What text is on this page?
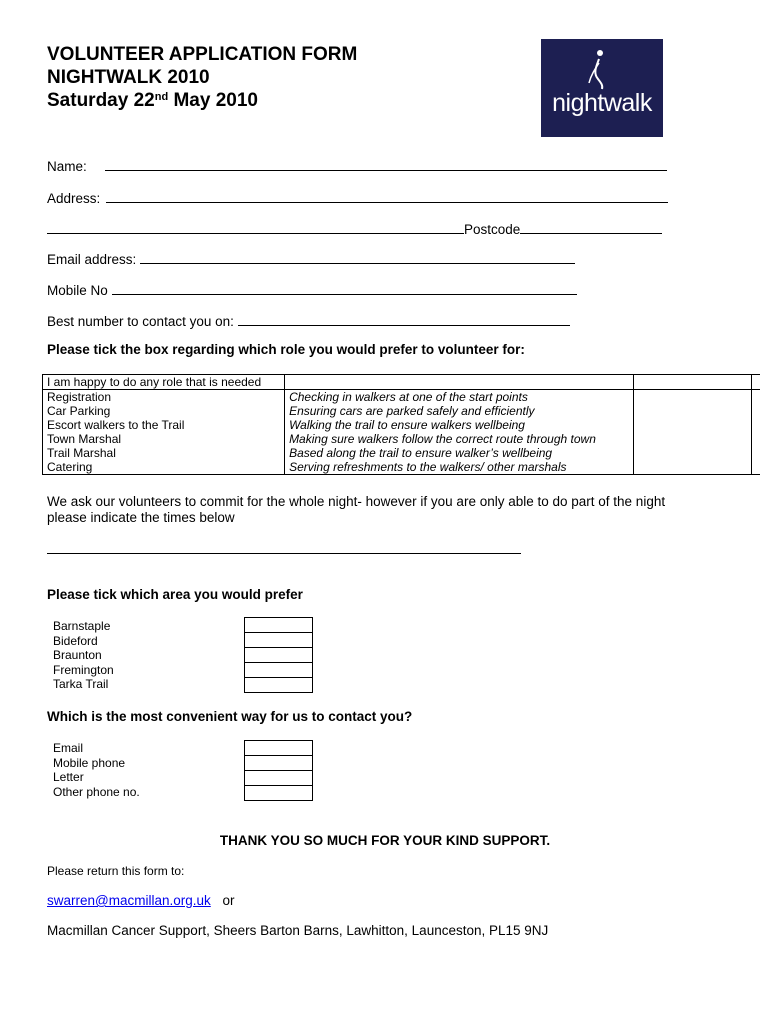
VOLUNTEER APPLICATION FORM
NIGHTWALK 2010
Saturday 22nd May 2010	nightwalk
Name:
Address:
Postcode
Email address:
Mobile No
Best number to contact you on:
Please tick the box regarding which role you would prefer to volunteer for:
I am happy to do any role that is needed			
Registration	Checking in walkers at one of the start points		
Car Parking	Ensuring cars are parked safely and efficiently		
Escort walkers to the Trail	Walking the trail to ensure walkers wellbeing		
Town Marshal	Making sure walkers follow the correct route through town		
Trail Marshal	Based along the trail to ensure walker’s wellbeing		
Catering	Serving refreshments to the walkers/ other marshals		
We ask our volunteers to commit for the whole night- however if you are only able to do part of the night
please indicate the times below
Please tick which area you would prefer
Barnstaple
Bideford
Braunton
Fremington
Tarka Trail
Which is the most convenient way for us to contact you?
Email
Mobile phone
Letter
Other phone no.
THANK YOU SO MUCH FOR YOUR KIND SUPPORT.
Please return this form to:
swarren@macmillan.org.uk or
Macmillan Cancer Support, Sheers Barton Barns, Lawhitton, Launceston, PL15 9NJ
